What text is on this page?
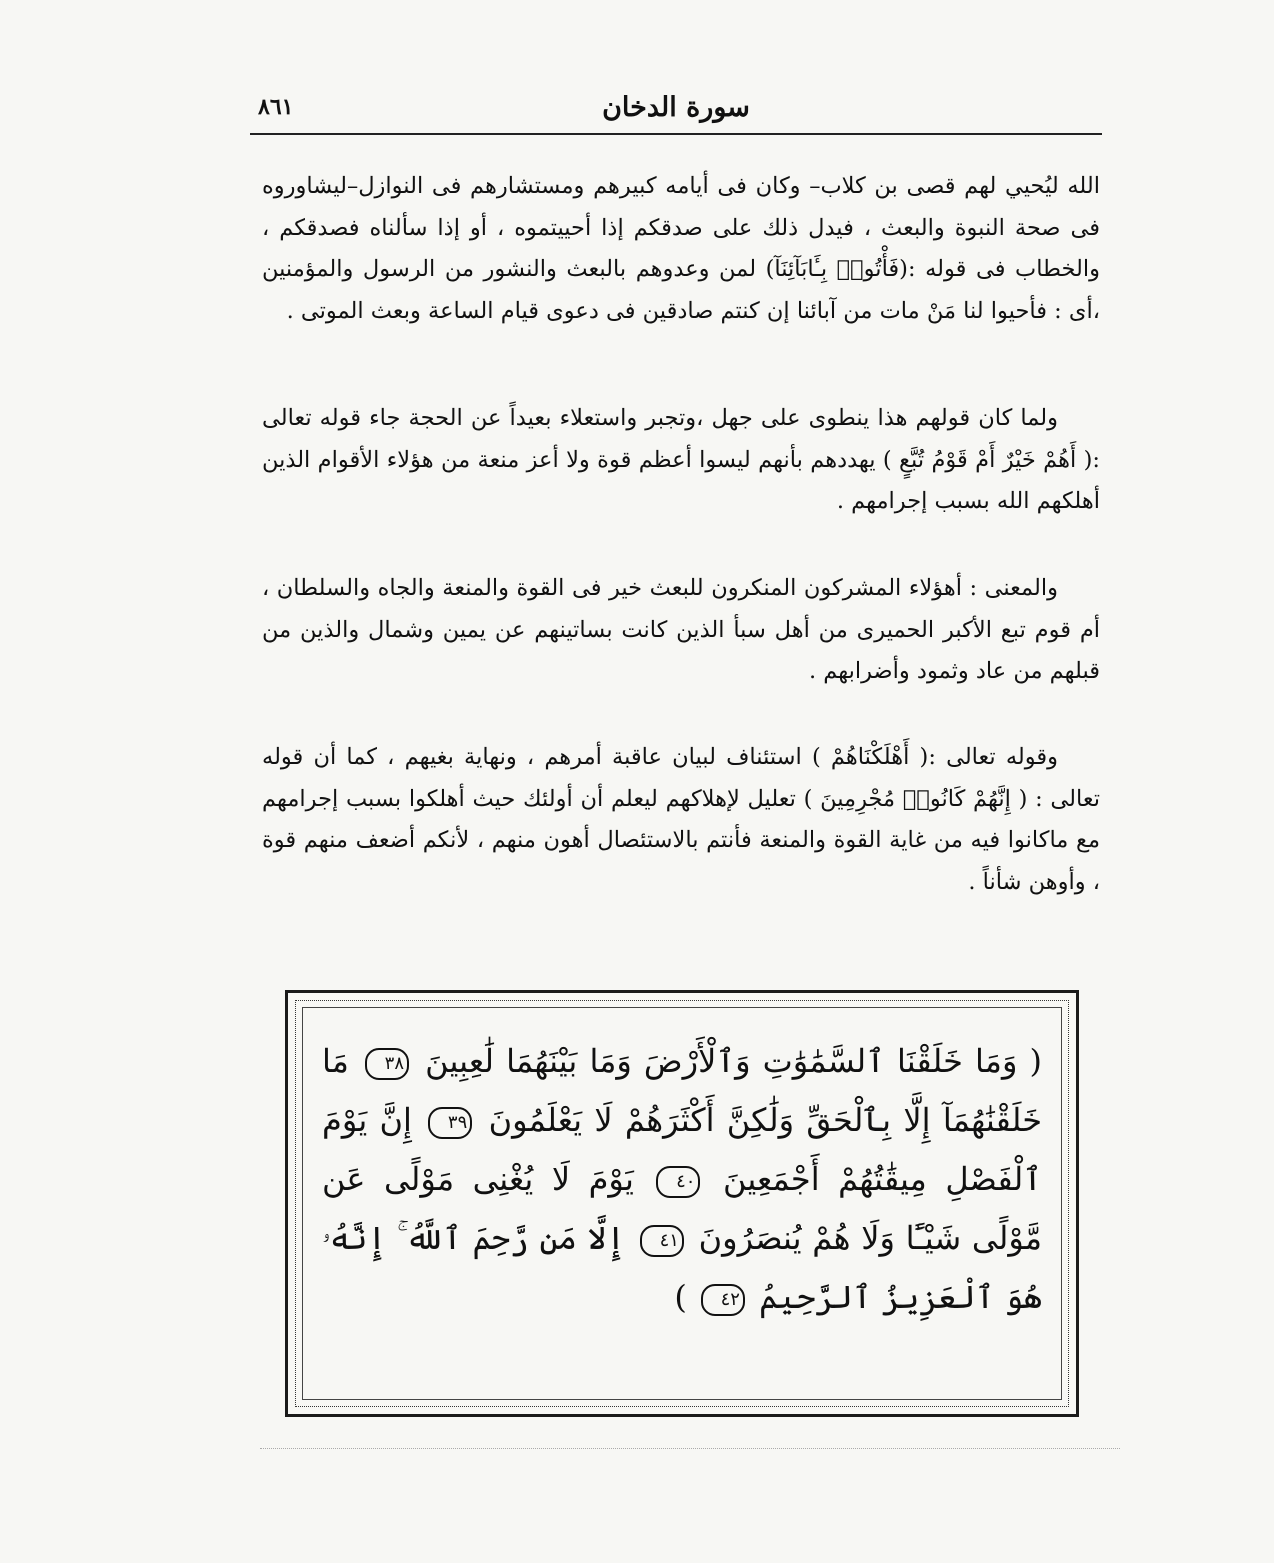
سورة الدخان
٨٦١

الله ليُحيي لهم قصى بن كلاب– وكان فى أيامه كبيرهم ومستشارهم فى النوازل–ليشاوروه فى صحة النبوة والبعث ، فيدل ذلك على صدقكم إذا أحييتموه ، أو إذا سألناه فصدقكم ، والخطاب فى قوله :(فَأْتُوا۟ بِـَٔابَآئِنَآ) لمن وعدوهم بالبعث والنشور من الرسول والمؤمنين ،أى : فأحيوا لنا مَنْ مات من آبائنا إن كنتم صادقين فى دعوى قيام الساعة وبعث الموتى .

ولما كان قولهم هذا ينطوى على جهل ،وتجبر واستعلاء بعيداً عن الحجة جاء قوله تعالى :( أَهُمْ خَيْرٌ أَمْ قَوْمُ تُبَّعٍ ) يهددهم بأنهم ليسوا أعظم قوة ولا أعز منعة من هؤلاء الأقوام الذين أهلكهم الله بسبب إجرامهم .

والمعنى : أهؤلاء المشركون المنكرون للبعث خير فى القوة والمنعة والجاه والسلطان ، أم قوم تبع الأكبر الحميرى من أهل سبأ الذين كانت بساتينهم عن يمين وشمال والذين من قبلهم من عاد وثمود وأضرابهم .

وقوله تعالى :( أَهْلَكْنَاهُمْ ) استئناف لبيان عاقبة أمرهم ، ونهاية بغيهم ، كما أن قوله تعالى : ( إِنَّهُمْ كَانُوا۟ مُجْرِمِينَ ) تعليل لإهلاكهم ليعلم أن أولئك حيث أهلكوا بسبب إجرامهم مع ماكانوا فيه من غاية القوة والمنعة فأنتم بالاستئصال أهون منهم ، لأنكم أضعف منهم قوة ، وأوهن شأناً .

( وَمَا خَلَقْنَا ٱلسَّمَٰوَٰتِ وَٱلْأَرْضَ وَمَا بَيْنَهُمَا لَٰعِبِينَ ٣٨ مَا خَلَقْنَٰهُمَآ إِلَّا بِٱلْحَقِّ وَلَٰكِنَّ أَكْثَرَهُمْ لَا يَعْلَمُونَ ٣٩ إِنَّ يَوْمَ ٱلْفَصْلِ مِيقَٰتُهُمْ أَجْمَعِينَ ٤٠ يَوْمَ لَا يُغْنِى مَوْلًى عَن مَّوْلًى شَيْـًٔا وَلَا هُمْ يُنصَرُونَ ٤١ إِلَّا مَن رَّحِمَ ٱللَّهُ ۚ إِنَّهُۥ هُوَ ٱلْعَزِيزُ ٱلرَّحِيمُ ٤٢ )
